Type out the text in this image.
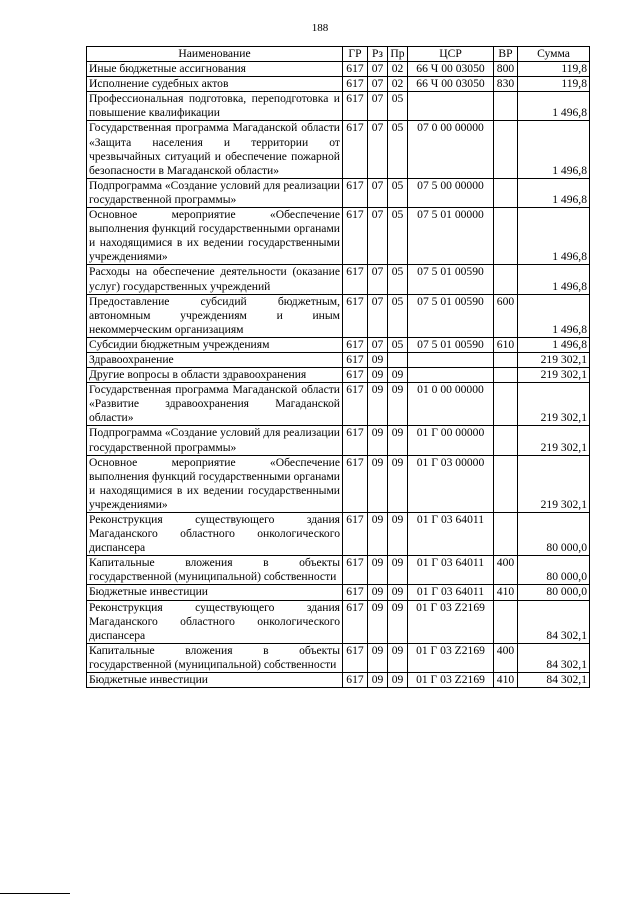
188
Наименование	ГР	Рз	Пр	ЦСР	ВР	Сумма
Иные бюджетные ассигнования	617	07	02	66 Ч 00 03050	800	119,8
Исполнение судебных актов	617	07	02	66 Ч 00 03050	830	119,8
Профессиональная подготовка, переподготовка и повышение квалификации	617	07	05			1 496,8
Государственная программа Магаданской области «Защита населения и территории от чрезвычайных ситуаций и обеспечение пожарной безопасности в Магаданской области»	617	07	05	07 0 00 00000		1 496,8
Подпрограмма «Создание условий для реализации государственной программы»	617	07	05	07 5 00 00000		1 496,8
Основное мероприятие «Обеспечение выполнения функций государственными органами и находящимися в их ведении государственными учреждениями»	617	07	05	07 5 01 00000		1 496,8
Расходы на обеспечение деятельности (оказание услуг) государственных учреждений	617	07	05	07 5 01 00590		1 496,8
Предоставление субсидий бюджетным, автономным учреждениям и иным некоммерческим организациям	617	07	05	07 5 01 00590	600	1 496,8
Субсидии бюджетным учреждениям	617	07	05	07 5 01 00590	610	1 496,8
Здравоохранение	617	09				219 302,1
Другие вопросы в области здравоохранения	617	09	09			219 302,1
Государственная программа Магаданской области «Развитие здравоохранения Магаданской области»	617	09	09	01 0 00 00000		219 302,1
Подпрограмма «Создание условий для реализации государственной программы»	617	09	09	01 Г 00 00000		219 302,1
Основное мероприятие «Обеспечение выполнения функций государственными органами и находящимися в их ведении государственными учреждениями»	617	09	09	01 Г 03 00000		219 302,1
Реконструкция существующего здания Магаданского областного онкологического диспансера	617	09	09	01 Г 03 64011		80 000,0
Капитальные вложения в объекты государственной (муниципальной) собственности	617	09	09	01 Г 03 64011	400	80 000,0
Бюджетные инвестиции	617	09	09	01 Г 03 64011	410	80 000,0
Реконструкция существующего здания Магаданского областного онкологического диспансера	617	09	09	01 Г 03 Z2169		84 302,1
Капитальные вложения в объекты государственной (муниципальной) собственности	617	09	09	01 Г 03 Z2169	400	84 302,1
Бюджетные инвестиции	617	09	09	01 Г 03 Z2169	410	84 302,1
